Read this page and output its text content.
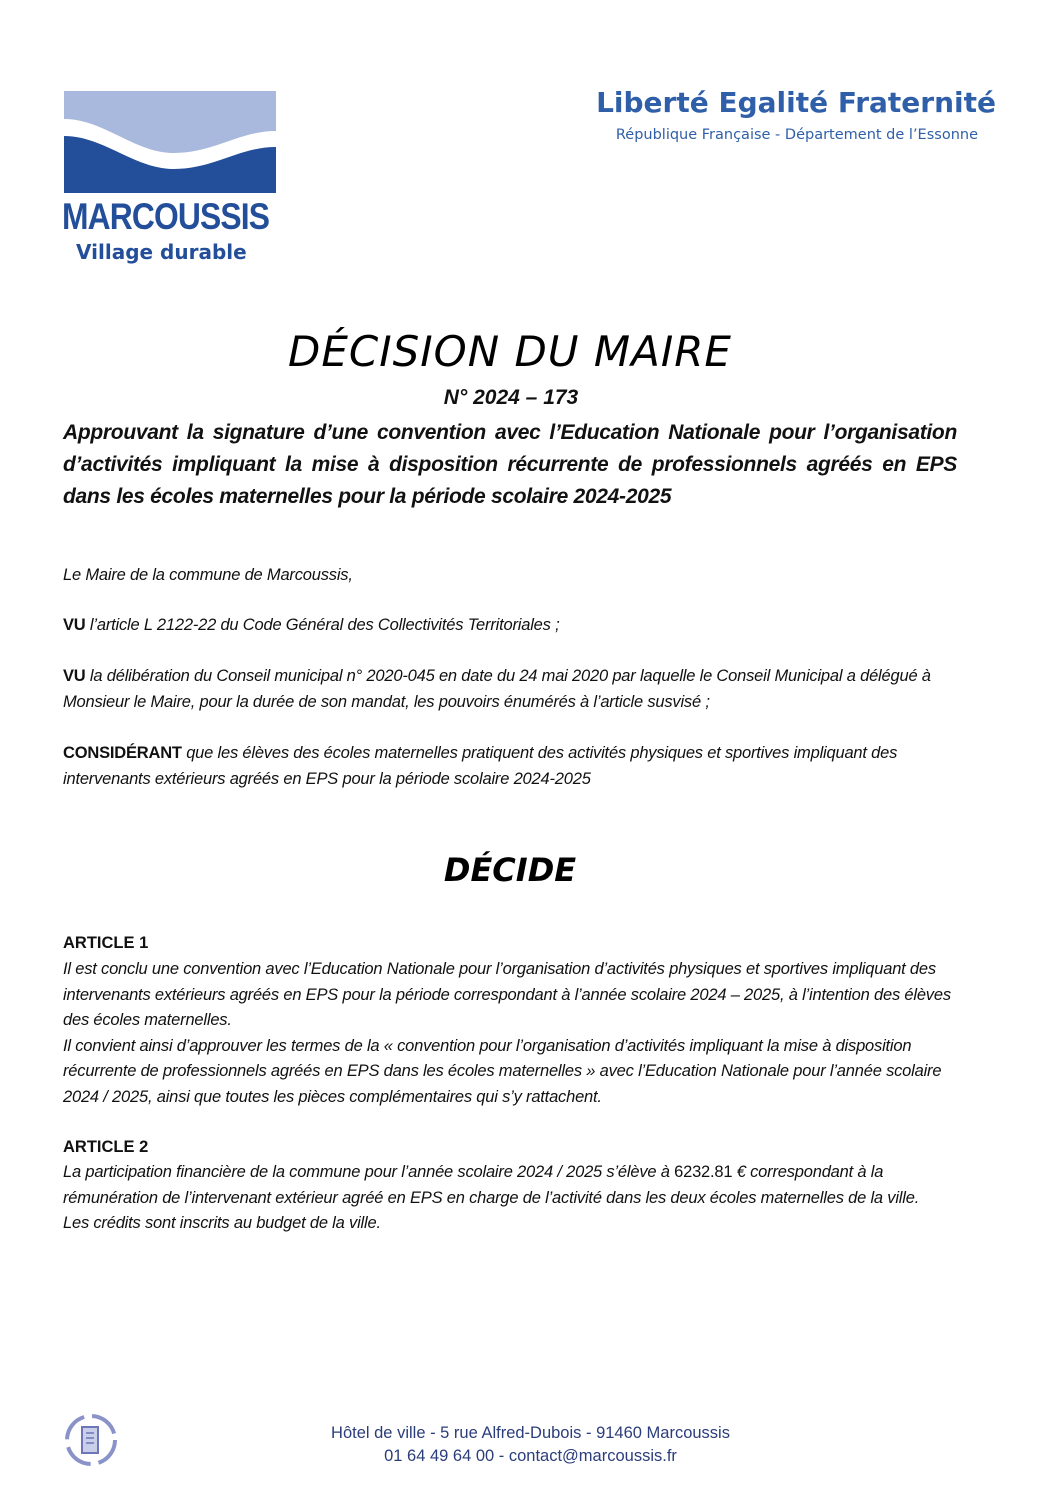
MARCOUSSIS
Village durable
Liberté Egalité Fraternité
République Française - Département de l’Essonne
DÉCISION DU MAIRE
N° 2024 – 173
Approuvant la signature d’une convention avec l’Education Nationale pour l’organisation d’activités impliquant la mise à disposition récurrente de professionnels agréés en EPS dans les écoles maternelles pour la période scolaire 2024-2025
Le Maire de la commune de Marcoussis,
VU l’article L 2122-22 du Code Général des Collectivités Territoriales ;
VU la délibération du Conseil municipal n° 2020-045 en date du 24 mai 2020 par laquelle le Conseil Municipal a délégué à Monsieur le Maire, pour la durée de son mandat, les pouvoirs énumérés à l’article susvisé ;
CONSIDÉRANT que les élèves des écoles maternelles pratiquent des activités physiques et sportives impliquant des intervenants extérieurs agréés en EPS pour la période scolaire 2024-2025
DÉCIDE
ARTICLE 1
Il est conclu une convention avec l’Education Nationale pour l’organisation d’activités physiques et sportives impliquant des intervenants extérieurs agréés en EPS pour la période correspondant à l’année scolaire 2024 – 2025, à l’intention des élèves des écoles maternelles.
Il convient ainsi d’approuver les termes de la « convention pour l’organisation d’activités impliquant la mise à disposition récurrente de professionnels agréés en EPS dans les écoles maternelles » avec l’Education Nationale pour l’année scolaire 2024 / 2025, ainsi que toutes les pièces complémentaires qui s’y rattachent.
ARTICLE 2
La participation financière de la commune pour l’année scolaire 2024 / 2025 s’élève à 6232.81 € correspondant à la rémunération de l’intervenant extérieur agréé en EPS en charge de l’activité dans les deux écoles maternelles de la ville.
Les crédits sont inscrits au budget de la ville.
Hôtel de ville - 5 rue Alfred-Dubois - 91460 Marcoussis
01 64 49 64 00 - contact@marcoussis.fr
